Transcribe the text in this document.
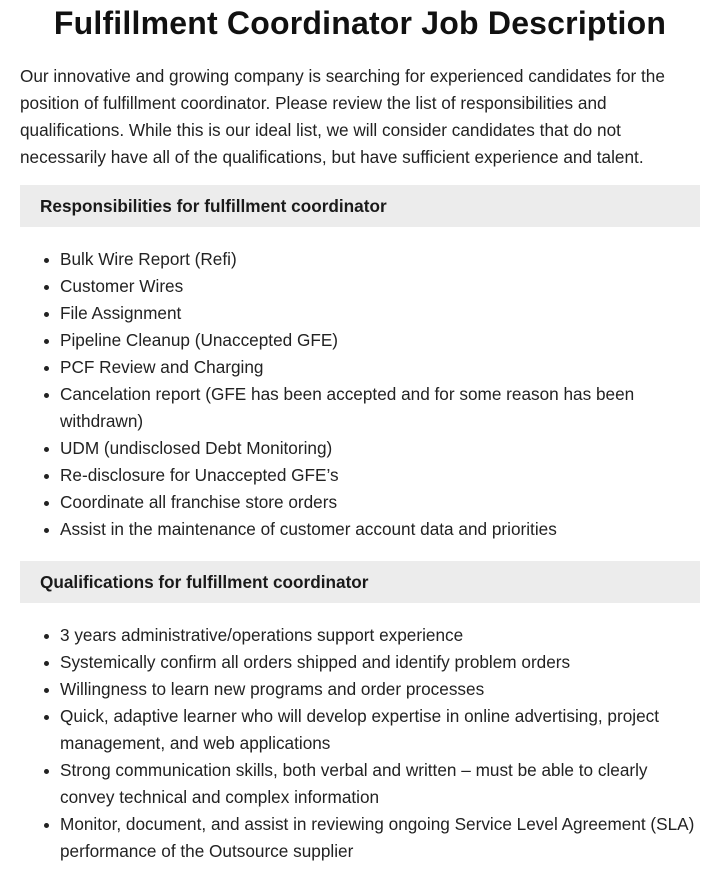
Fulfillment Coordinator Job Description

Our innovative and growing company is searching for experienced candidates for the position of fulfillment coordinator. Please review the list of responsibilities and qualifications. While this is our ideal list, we will consider candidates that do not necessarily have all of the qualifications, but have sufficient experience and talent.

Responsibilities for fulfillment coordinator
Bulk Wire Report (Refi)
Customer Wires
File Assignment
Pipeline Cleanup (Unaccepted GFE)
PCF Review and Charging
Cancelation report (GFE has been accepted and for some reason has been withdrawn)
UDM (undisclosed Debt Monitoring)
Re-disclosure for Unaccepted GFE’s
Coordinate all franchise store orders
Assist in the maintenance of customer account data and priorities
Qualifications for fulfillment coordinator
3 years administrative/operations support experience
Systemically confirm all orders shipped and identify problem orders
Willingness to learn new programs and order processes
Quick, adaptive learner who will develop expertise in online advertising, project management, and web applications
Strong communication skills, both verbal and written – must be able to clearly convey technical and complex information
Monitor, document, and assist in reviewing ongoing Service Level Agreement (SLA) performance of the Outsource supplier
